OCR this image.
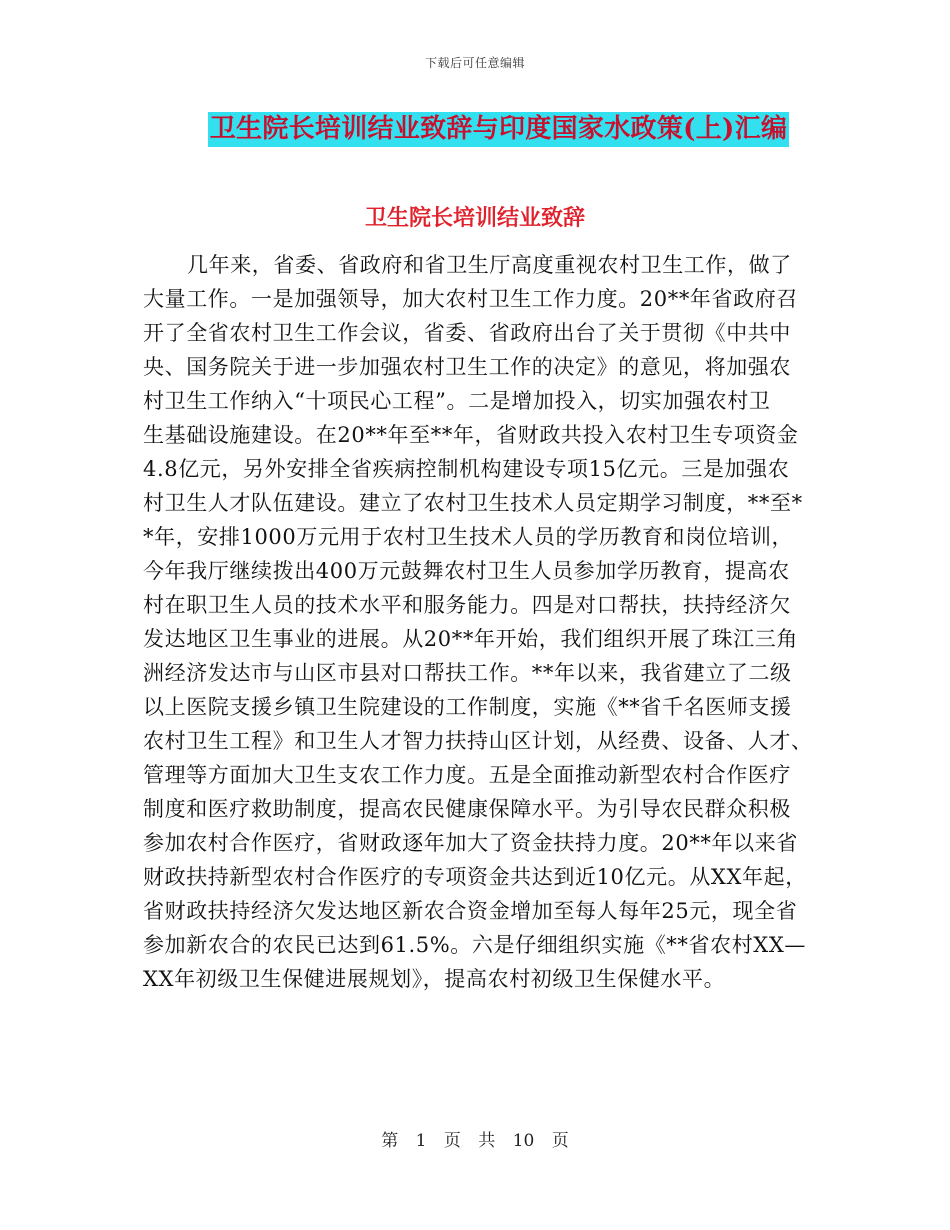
下载后可任意编辑
卫生院长培训结业致辞与印度国家水政策(上)汇编
卫生院长培训结业致辞
几年来，省委、省政府和省卫生厅高度重视农村卫生工作，做了
大量工作。一是加强领导，加大农村卫生工作力度。20**年省政府召
开了全省农村卫生工作会议，省委、省政府出台了关于贯彻《中共中
央、国务院关于进一步加强农村卫生工作的决定》的意见，将加强农
村卫生工作纳入“十项民心工程”。二是增加投入，切实加强农村卫
生基础设施建设。在20**年至**年，省财政共投入农村卫生专项资金
4.8亿元，另外安排全省疾病控制机构建设专项15亿元。三是加强农
村卫生人才队伍建设。建立了农村卫生技术人员定期学习制度，**至*
*年，安排1000万元用于农村卫生技术人员的学历教育和岗位培训，
今年我厅继续拨出400万元鼓舞农村卫生人员参加学历教育，提高农
村在职卫生人员的技术水平和服务能力。四是对口帮扶，扶持经济欠
发达地区卫生事业的进展。从20**年开始，我们组织开展了珠江三角
洲经济发达市与山区市县对口帮扶工作。**年以来，我省建立了二级
以上医院支援乡镇卫生院建设的工作制度，实施《**省千名医师支援
农村卫生工程》和卫生人才智力扶持山区计划，从经费、设备、人才、
管理等方面加大卫生支农工作力度。五是全面推动新型农村合作医疗
制度和医疗救助制度，提高农民健康保障水平。为引导农民群众积极
参加农村合作医疗，省财政逐年加大了资金扶持力度。20**年以来省
财政扶持新型农村合作医疗的专项资金共达到近10亿元。从XX年起，
省财政扶持经济欠发达地区新农合资金增加至每人每年25元，现全省
参加新农合的农民已达到61.5%。六是仔细组织实施《**省农村XX—
XX年初级卫生保健进展规划》，提高农村初级卫生保健水平。
第 1 页 共 10 页
